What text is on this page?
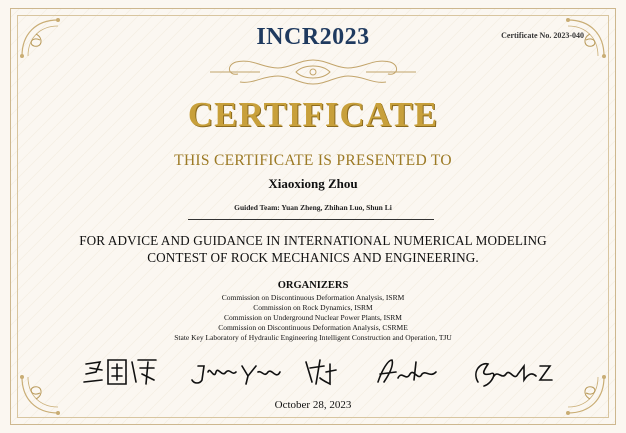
INCR2023	Certificate No. 2023-040
CERTIFICATE
THIS CERTIFICATE IS PRESENTED TO
Xiaoxiong Zhou
Guided Team: Yuan Zheng, Zhihan Luo, Shun Li
FOR ADVICE AND GUIDANCE IN INTERNATIONAL NUMERICAL MODELING
CONTEST OF ROCK MECHANICS AND ENGINEERING.
ORGANIZERS
Commission on Discontinuous Deformation Analysis, ISRM
Commission on Rock Dynamics, ISRM
Commission on Underground Nuclear Power Plants, ISRM
Commission on Discontinuous Deformation Analysis, CSRME
State Key Laboratory of Hydraulic Engineering Intelligent Construction and Operation, TJU
October 28, 2023
